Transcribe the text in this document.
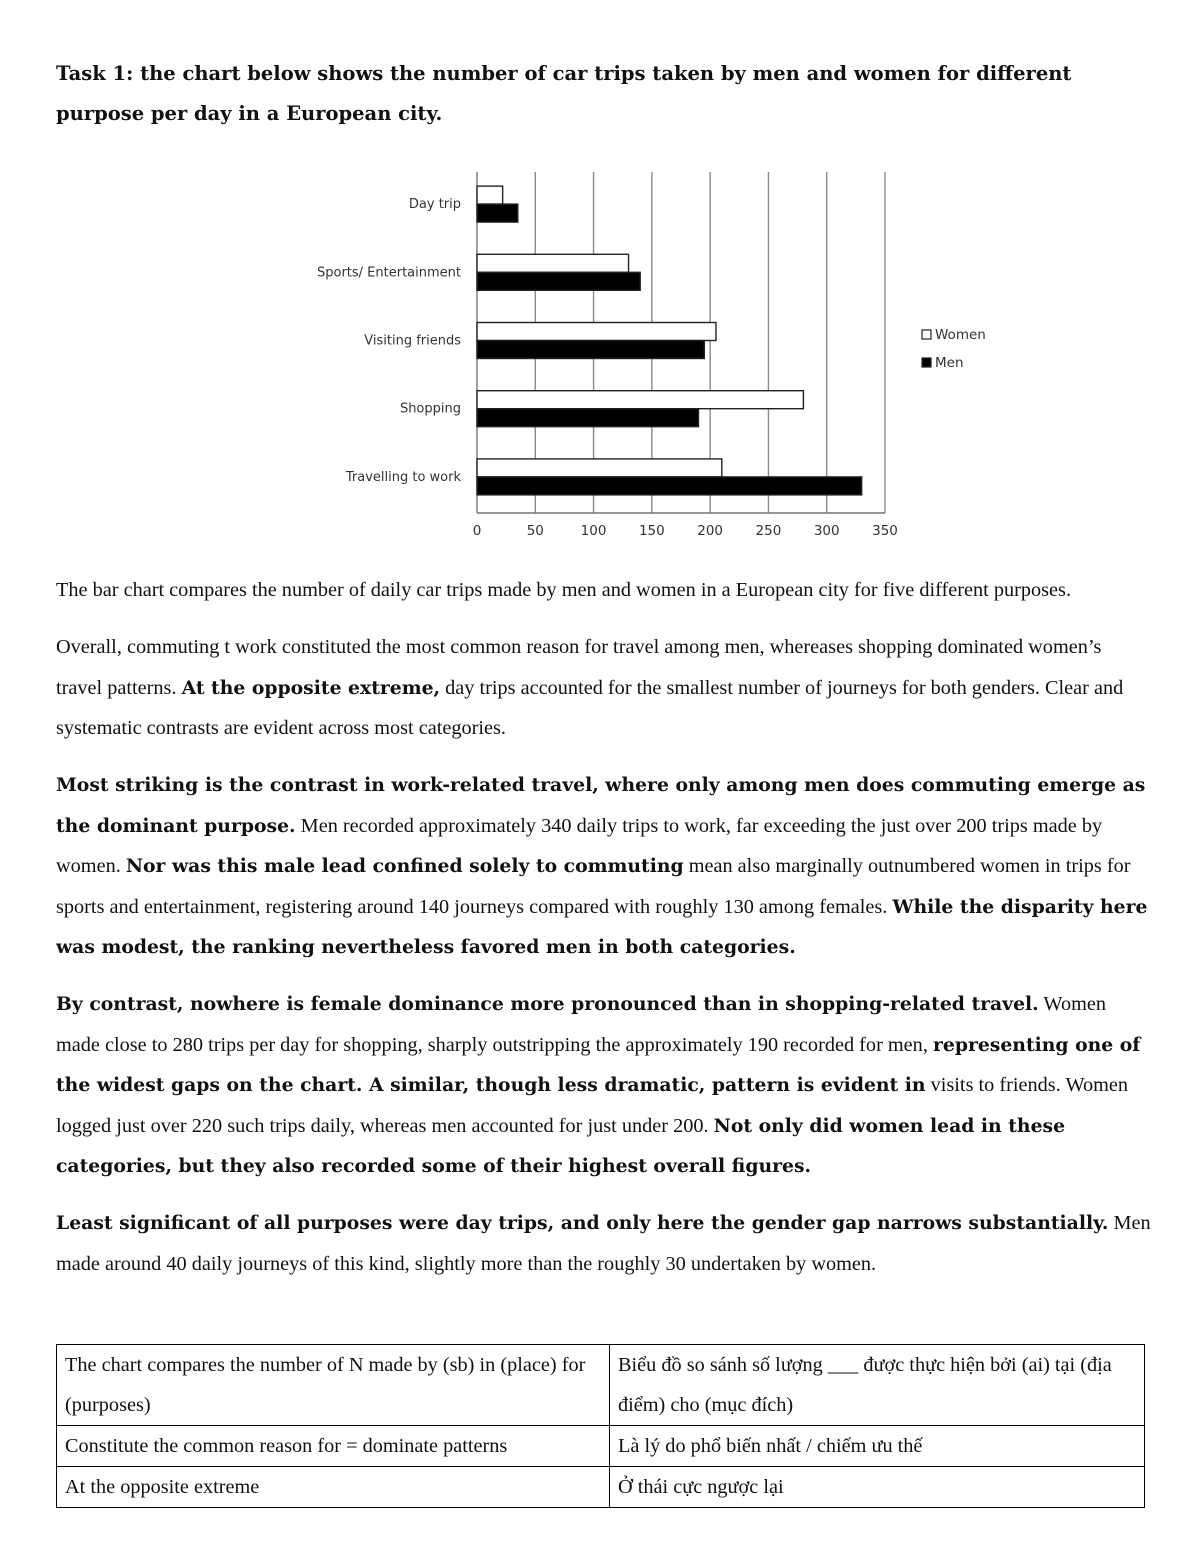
Task 1: the chart below shows the number of car trips taken by men and women for different purpose per day in a European city.

0	50	100 150 200 250 300 350
Day trip
Sports/ Entertainment
Visiting friends
Shopping
Travelling to work
Women
Men

The bar chart compares the number of daily car trips made by men and women in a European city for five different purposes.

Overall, commuting t work constituted the most common reason for travel among men, whereases shopping dominated women’s travel patterns. At the opposite extreme, day trips accounted for the smallest number of journeys for both genders. Clear and systematic contrasts are evident across most categories.

Most striking is the contrast in work-related travel, where only among men does commuting emerge as the dominant purpose. Men recorded approximately 340 daily trips to work, far exceeding the just over 200 trips made by women. Nor was this male lead confined solely to commuting mean also marginally outnumbered women in trips for sports and entertainment, registering around 140 journeys compared with roughly 130 among females. While the disparity here was modest, the ranking nevertheless favored men in both categories.

By contrast, nowhere is female dominance more pronounced than in shopping-related travel. Women made close to 280 trips per day for shopping, sharply outstripping the approximately 190 recorded for men, representing one of the widest gaps on the chart. A similar, though less dramatic, pattern is evident in visits to friends. Women logged just over 220 such trips daily, whereas men accounted for just under 200. Not only did women lead in these categories, but they also recorded some of their highest overall figures.

Least significant of all purposes were day trips, and only here the gender gap narrows substantially. Men made around 40 daily journeys of this kind, slightly more than the roughly 30 undertaken by women.

The chart compares the number of N made by (sb) in (place) for (purposes)	Biểu đồ so sánh số lượng ___ được thực hiện bởi (ai) tại (địa điểm) cho (mục đích)
Constitute the common reason for = dominate patterns	Là lý do phổ biến nhất / chiếm ưu thế
At the opposite extreme	Ở thái cực ngược lại
